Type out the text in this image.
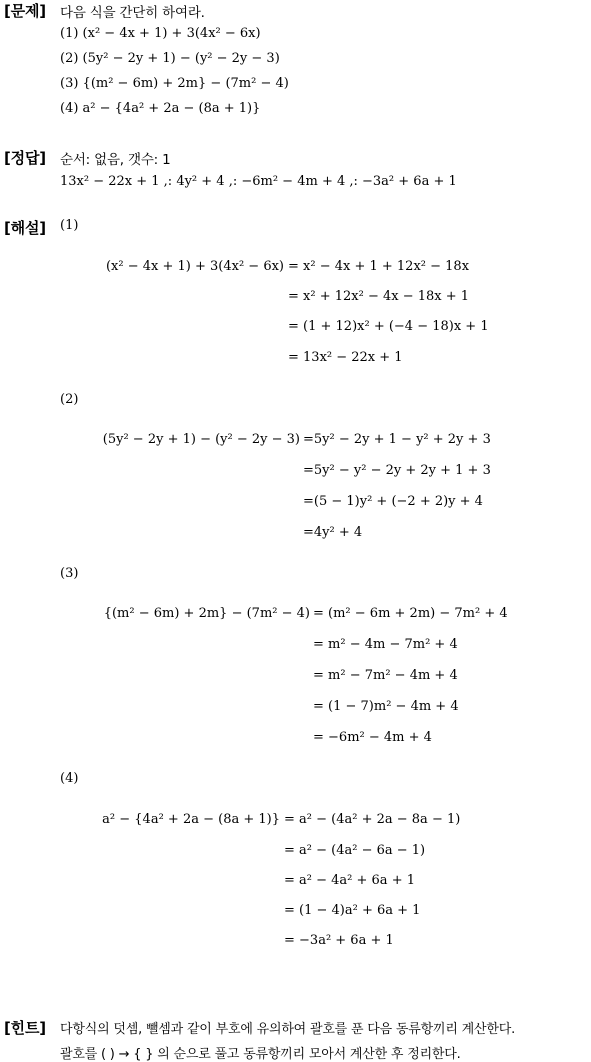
[문제] 다음 식을 간단히 하여라.
(1) (x² − 4x + 1) + 3(4x² − 6x)
(2) (5y² − 2y + 1) − (y² − 2y − 3)
(3) {(m² − 6m) + 2m} − (7m² − 4)
(4) a² − {4a² + 2a − (8a + 1)}
[정답] 순서: 없음, 갯수: 1
13x² − 22x + 1 ,: 4y² + 4 ,: −6m² − 4m + 4 ,: −3a² + 6a + 1
[해설] (1)
(x² − 4x + 1) + 3(4x² − 6x) = x² − 4x + 1 + 12x² − 18x
= x² + 12x² − 4x − 18x + 1
= (1 + 12)x² + (−4 − 18)x + 1
= 13x² − 22x + 1
(2)
(5y² − 2y + 1) − (y² − 2y − 3) =5y² − 2y + 1 − y² + 2y + 3
=5y² − y² − 2y + 2y + 1 + 3
=(5 − 1)y² + (−2 + 2)y + 4
=4y² + 4
(3)
{(m² − 6m) + 2m} − (7m² − 4) = (m² − 6m + 2m) − 7m² + 4
= m² − 4m − 7m² + 4
= m² − 7m² − 4m + 4
= (1 − 7)m² − 4m + 4
= −6m² − 4m + 4
(4)
a² − {4a² + 2a − (8a + 1)} = a² − (4a² + 2a − 8a − 1)
= a² − (4a² − 6a − 1)
= a² − 4a² + 6a + 1
= (1 − 4)a² + 6a + 1
= −3a² + 6a + 1
[힌트] 다항식의 덧셈, 뺄셈과 같이 부호에 유의하여 괄호를 푼 다음 동류항끼리 계산한다.
괄호를 ( ) → { } 의 순으로 풀고 동류항끼리 모아서 계산한 후 정리한다.
